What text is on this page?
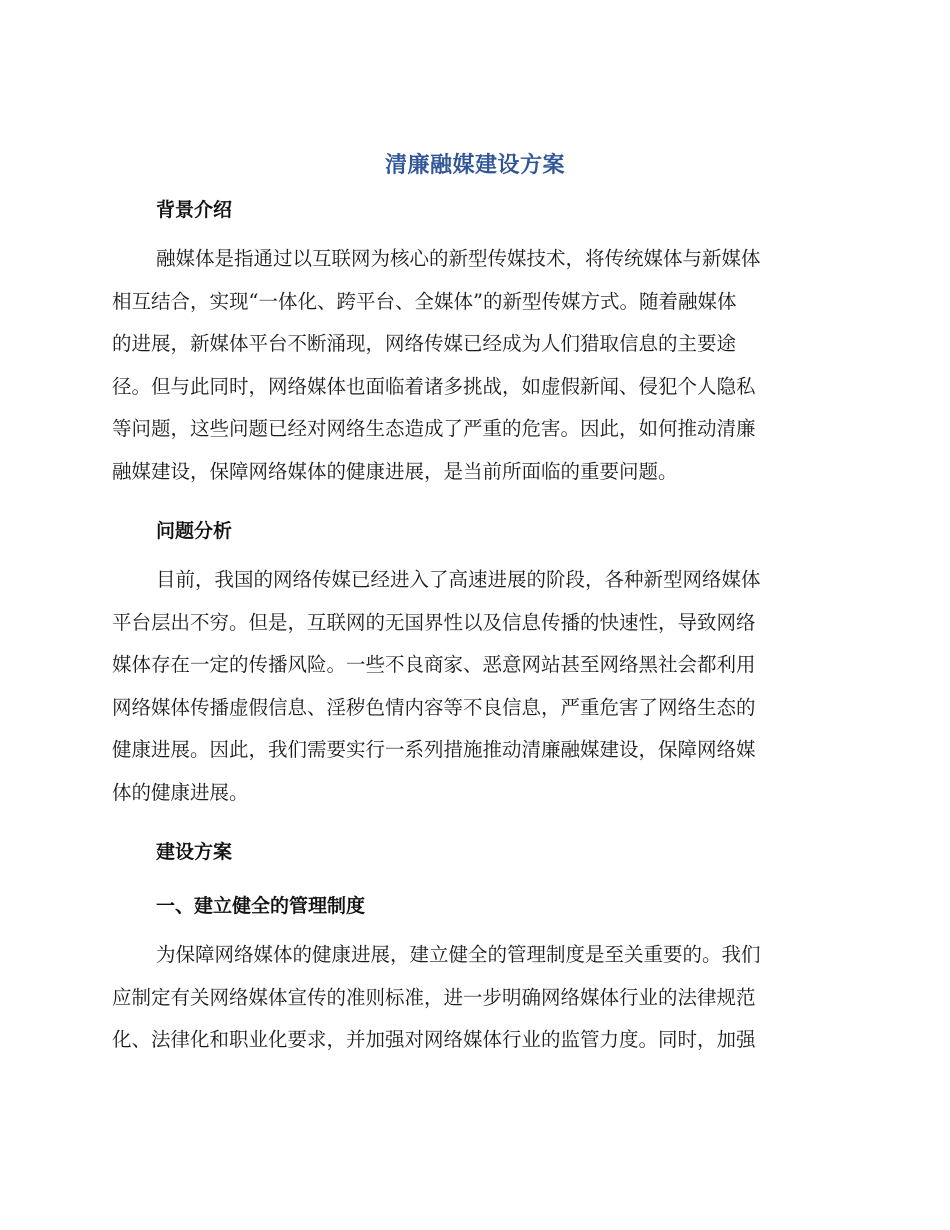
清廉融媒建设方案
背景介绍
融媒体是指通过以互联网为核心的新型传媒技术，将传统媒体与新媒体
相互结合，实现“一体化、跨平台、全媒体”的新型传媒方式。随着融媒体
的进展，新媒体平台不断涌现，网络传媒已经成为人们猎取信息的主要途
径。但与此同时，网络媒体也面临着诸多挑战，如虚假新闻、侵犯个人隐私
等问题，这些问题已经对网络生态造成了严重的危害。因此，如何推动清廉
融媒建设，保障网络媒体的健康进展，是当前所面临的重要问题。
问题分析
目前，我国的网络传媒已经进入了高速进展的阶段，各种新型网络媒体
平台层出不穷。但是，互联网的无国界性以及信息传播的快速性，导致网络
媒体存在一定的传播风险。一些不良商家、恶意网站甚至网络黑社会都利用
网络媒体传播虚假信息、淫秽色情内容等不良信息，严重危害了网络生态的
健康进展。因此，我们需要实行一系列措施推动清廉融媒建设，保障网络媒
体的健康进展。
建设方案
一、建立健全的管理制度
为保障网络媒体的健康进展，建立健全的管理制度是至关重要的。我们
应制定有关网络媒体宣传的准则标准，进一步明确网络媒体行业的法律规范
化、法律化和职业化要求，并加强对网络媒体行业的监管力度。同时，加强
